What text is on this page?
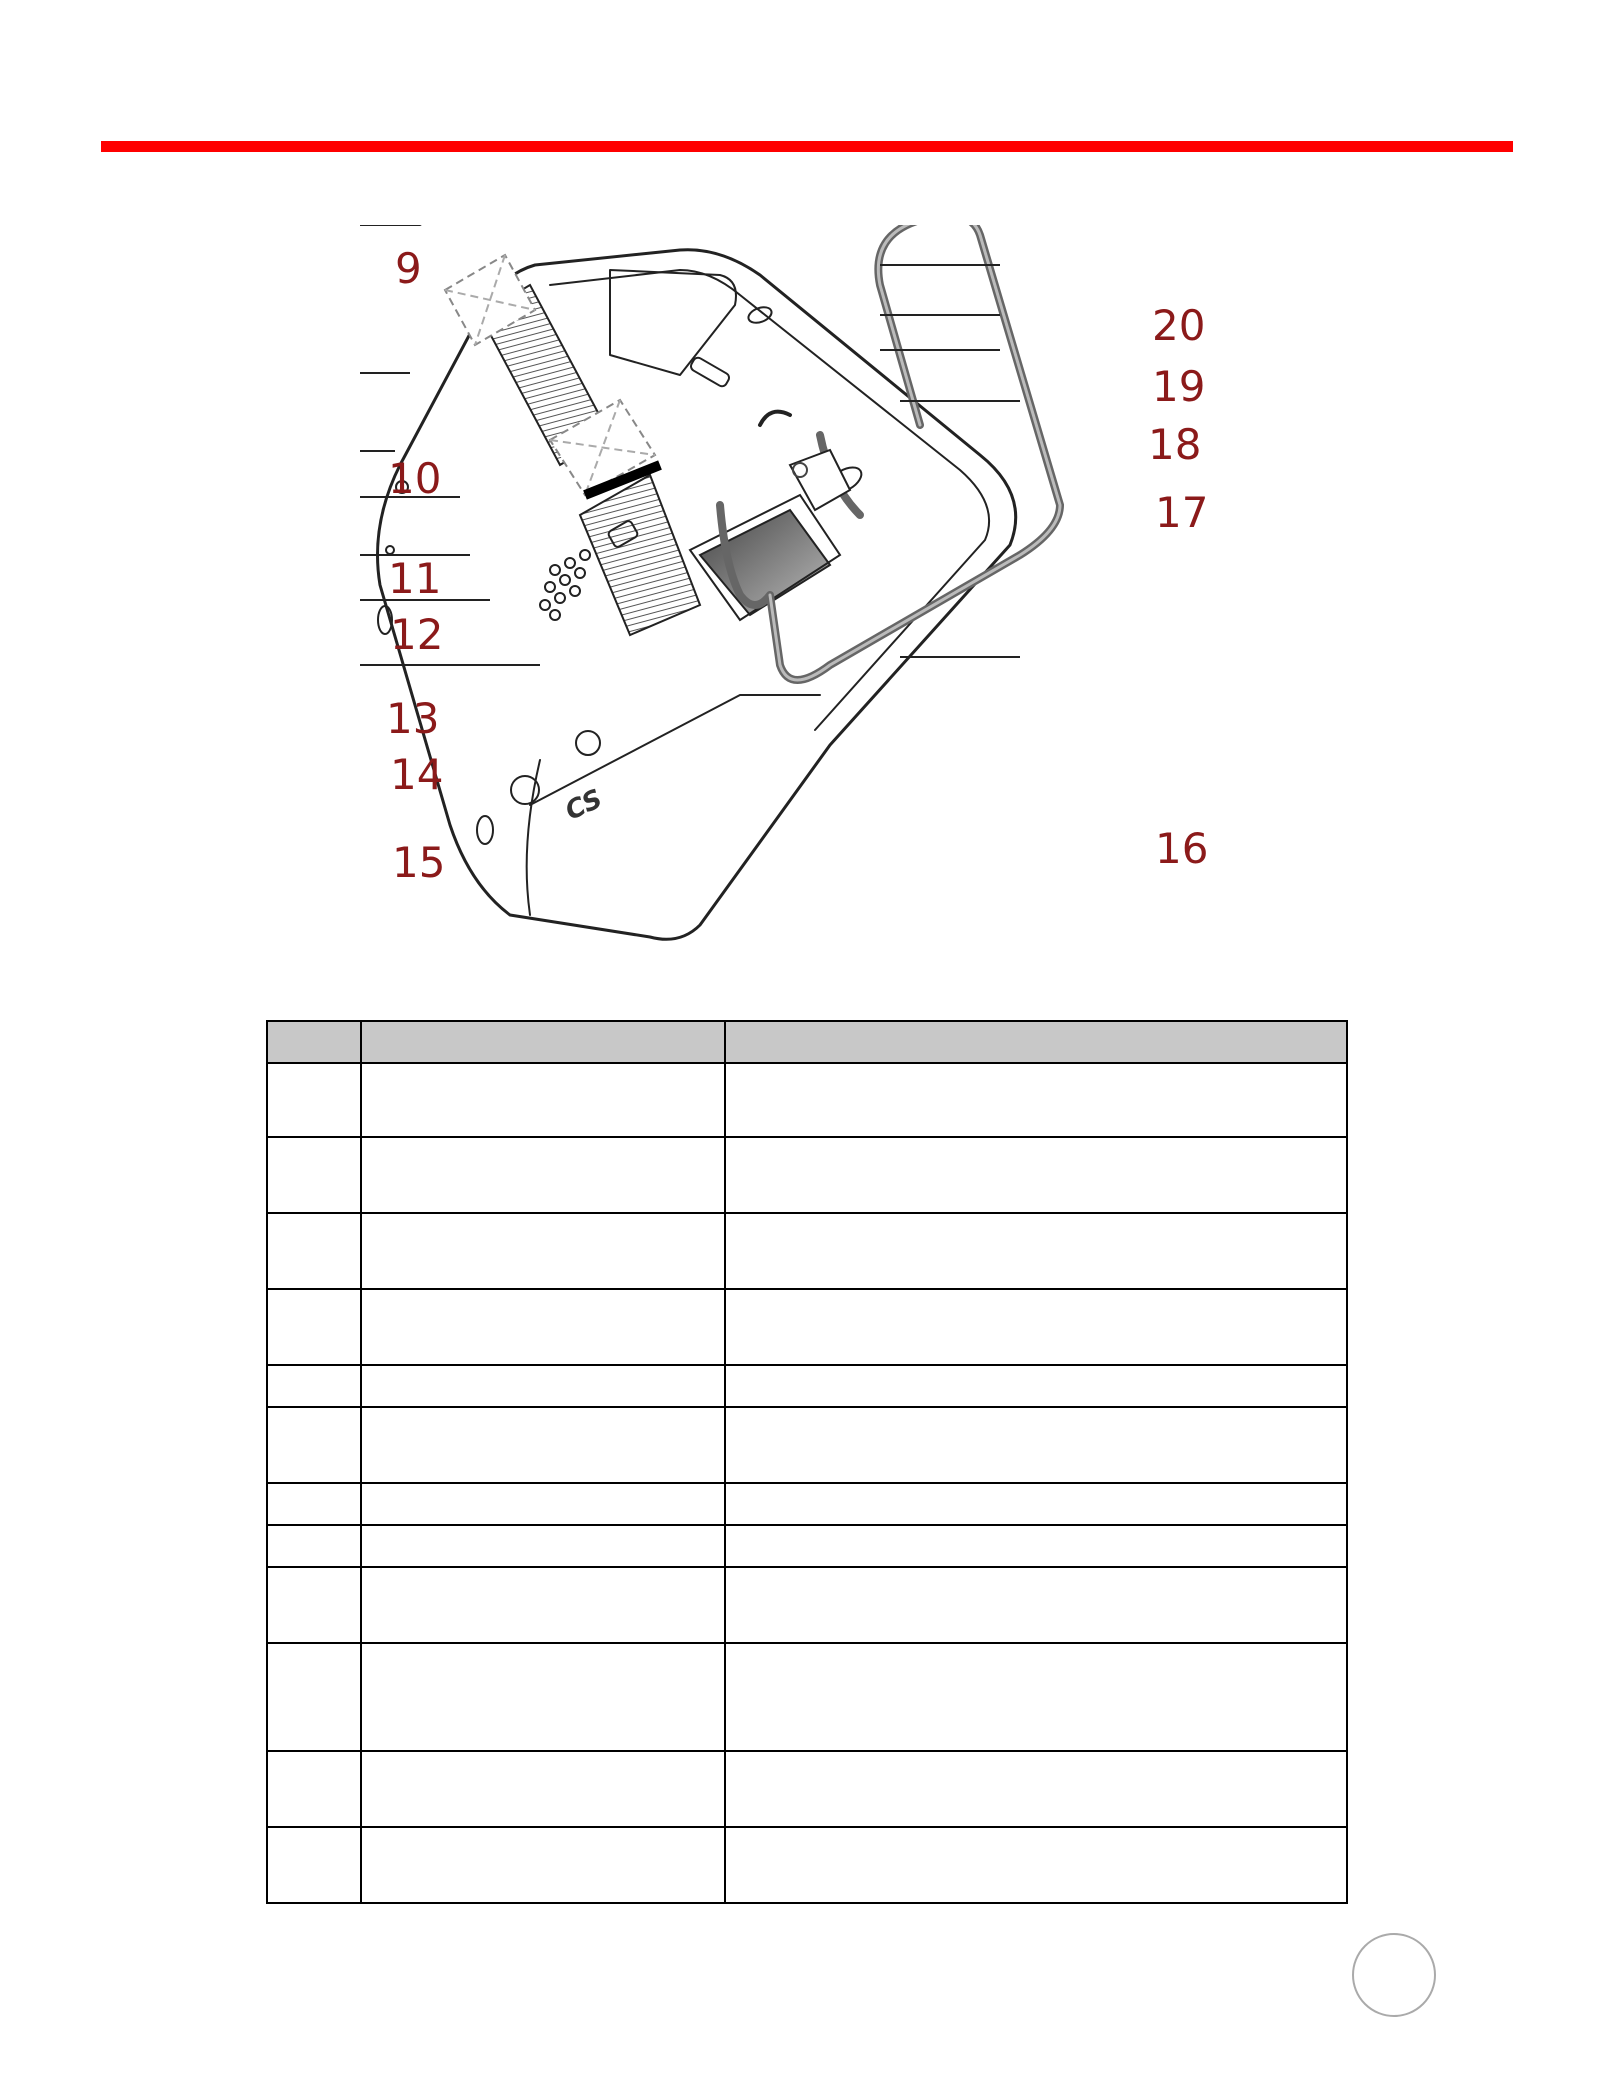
CS
9
10
11
12
13
14
15	16
17
18
19
20
